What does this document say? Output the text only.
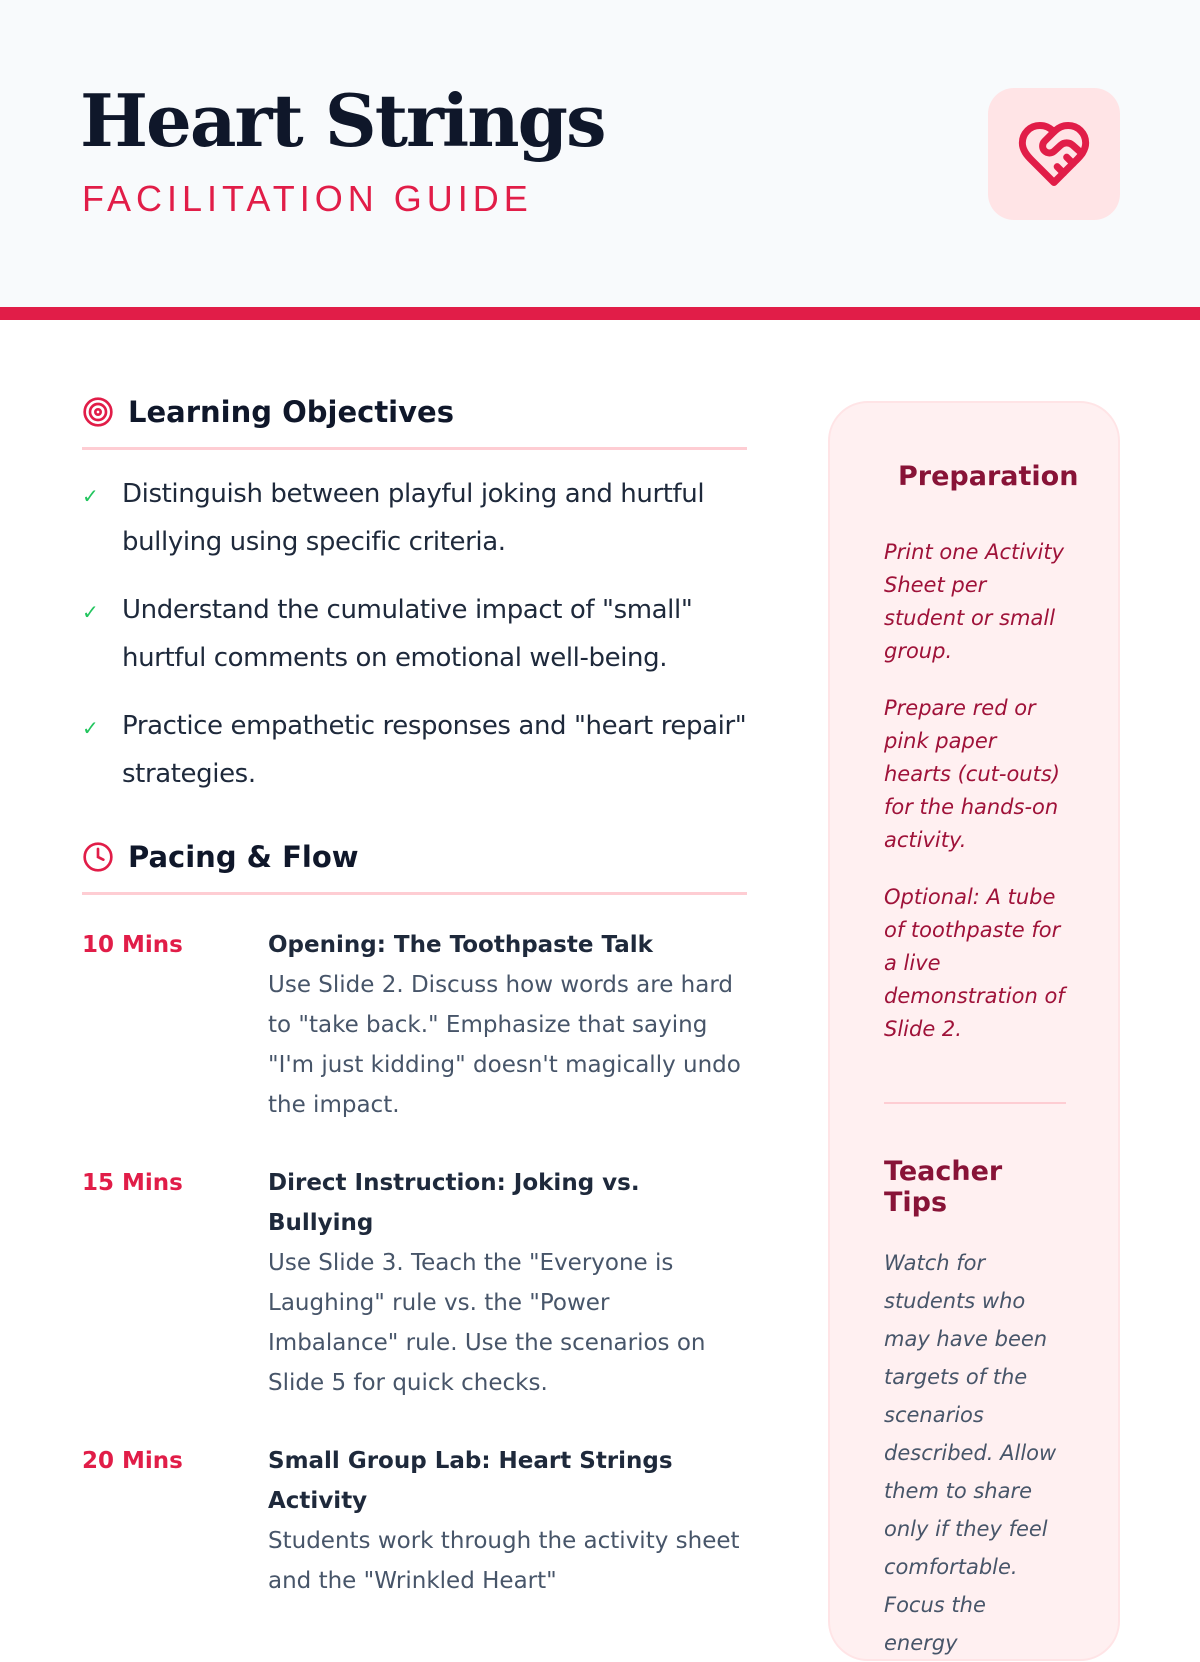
Heart Strings
FACILITATION GUIDE
Learning Objectives
✓ Distinguish between playful joking and hurtful bullying using specific criteria.
✓ Understand the cumulative impact of "small" hurtful comments on emotional well-being.
✓ Practice empathetic responses and "heart repair" strategies.
Pacing & Flow
10 Mins	Opening: The Toothpaste Talk

Use Slide 2. Discuss how words are hard to "take back." Emphasize that saying "I'm just kidding" doesn't magically undo the impact.

15 Mins	Direct Instruction: Joking vs. Bullying

Use Slide 3. Teach the "Everyone is Laughing" rule vs. the "Power Imbalance" rule. Use the scenarios on Slide 5 for quick checks.

20 Mins	Small Group Lab: Heart Strings Activity

Students work through the activity sheet and the "Wrinkled Heart"

Preparation

Print one Activity Sheet per student or small group.

Prepare red or pink paper hearts (cut-outs) for the hands-on activity.

Optional: A tube of toothpaste for a live demonstration of Slide 2.

Teacher Tips

Watch for students who may have been targets of the scenarios described. Allow them to share only if they feel comfortable.

Focus the energy
